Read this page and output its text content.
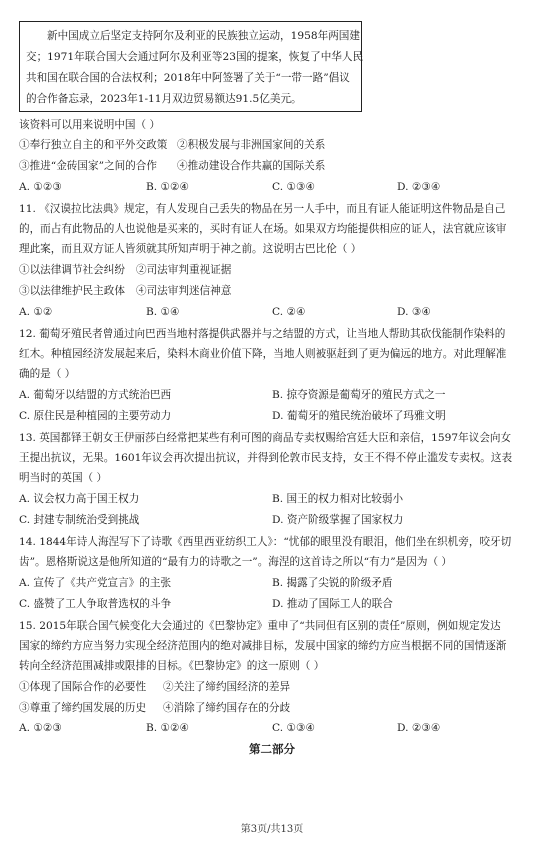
新中国成立后坚定支持阿尔及利亚的民族独立运动，1958年两国建
交；1971年联合国大会通过阿尔及利亚等23国的提案，恢复了中华人民
共和国在联合国的合法权利；2018年中阿签署了关于“一带一路”倡议
的合作备忘录，2023年1-11月双边贸易额达91.5亿美元。
该资料可以用来说明中国（ ）
①奉行独立自主的和平外交政策 ②积极发展与非洲国家间的关系
③推进“金砖国家”之间的合作 ④推动建设合作共赢的国际关系
A. ①②③	B. ①②④	C. ①③④	D. ②③④
11. 《汉谟拉比法典》规定，有人发现自己丢失的物品在另一人手中，而且有证人能证明这件物品是自己
的，而占有此物品的人也说他是买来的，买时有证人在场。如果双方均能提供相应的证人，法官就应该审
理此案，而且双方证人皆须就其所知声明于神之前。这说明古巴比伦（ ）
①以法律调节社会纠纷 ②司法审判重视证据
③以法律维护民主政体 ④司法审判迷信神意
A. ①②	B. ①④	C. ②④	D. ③④
12. 葡萄牙殖民者曾通过向巴西当地村落提供武器并与之结盟的方式，让当地人帮助其砍伐能制作染料的
红木。种植园经济发展起来后，染料木商业价值下降，当地人则被驱赶到了更为偏远的地方。对此理解准
确的是（ ）
A. 葡萄牙以结盟的方式统治巴西	B. 掠夺资源是葡萄牙的殖民方式之一
C. 原住民是种植园的主要劳动力	D. 葡萄牙的殖民统治破坏了玛雅文明
13. 英国都铎王朝女王伊丽莎白经常把某些有利可图的商品专卖权赐给宫廷大臣和亲信，1597年议会向女
王提出抗议，无果。1601年议会再次提出抗议，并得到伦敦市民支持，女王不得不停止滥发专卖权。这表
明当时的英国（ ）
A. 议会权力高于国王权力	B. 国王的权力相对比较弱小
C. 封建专制统治受到挑战	D. 资产阶级掌握了国家权力
14. 1844年诗人海涅写下了诗歌《西里西亚纺织工人》：“忧郁的眼里没有眼泪，他们坐在织机旁，咬牙切
齿”。恩格斯说这是他所知道的“最有力的诗歌之一”。海涅的这首诗之所以“有力”是因为（ ）
A. 宣传了《共产党宣言》的主张	B. 揭露了尖锐的阶级矛盾
C. 盛赞了工人争取普选权的斗争	D. 推动了国际工人的联合
15. 2015年联合国气候变化大会通过的《巴黎协定》重申了“共同但有区别的责任”原则，例如规定发达
国家的缔约方应当努力实现全经济范围内的绝对减排目标，发展中国家的缔约方应当根据不同的国情逐渐
转向全经济范围减排或限排的目标。《巴黎协定》的这一原则（ ）
①体现了国际合作的必要性 ②关注了缔约国经济的差异
③尊重了缔约国发展的历史 ④消除了缔约国存在的分歧
A. ①②③	B. ①②④	C. ①③④	D. ②③④
第二部分
第3页/共13页
